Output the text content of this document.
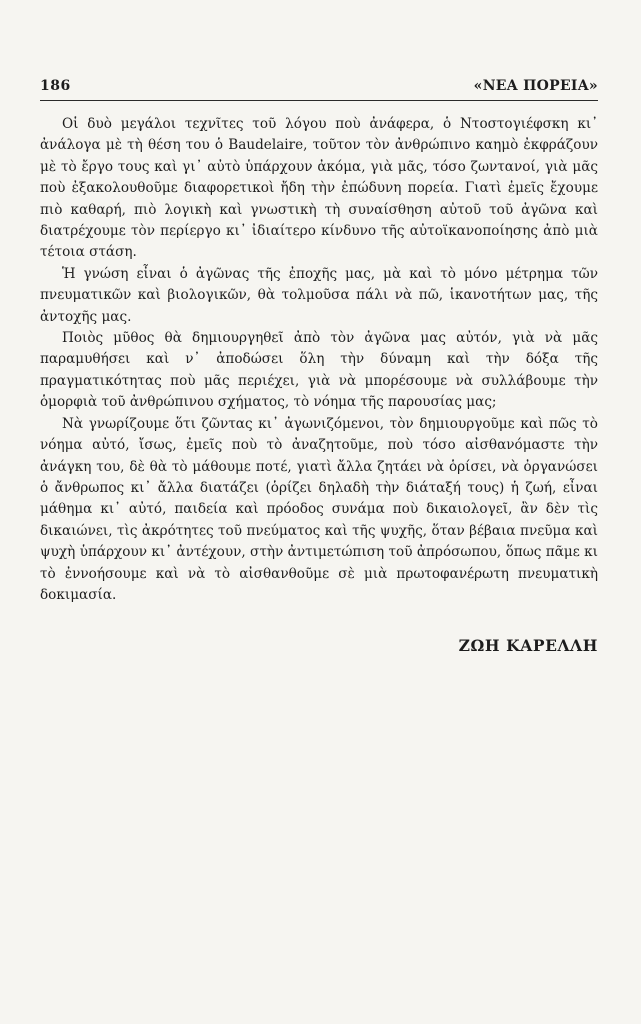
186	«ΝΕΑ ΠΟΡΕΙΑ»

Οἱ δυὸ μεγάλοι τεχνῖτες τοῦ λόγου ποὺ ἀνάφερα, ὁ Ντοστογιέφσκη κι᾽ ἀνάλογα μὲ τὴ θέση του ὁ Baudelaire, τοῦτον τὸν ἀνθρώπινο καημὸ ἐκφράζουν μὲ τὸ ἔργο τους καὶ γι᾽ αὐτὸ ὑπάρχουν ἀκόμα, γιὰ μᾶς, τόσο ζωντανοί, γιὰ μᾶς ποὺ ἐξακολουθοῦμε διαφορετικοὶ ἤδη τὴν ἐπώδυνη πορεία. Γιατὶ ἐμεῖς ἔχουμε πιὸ καθαρή, πιὸ λογικὴ καὶ γνωστικὴ τὴ συναίσθηση αὐτοῦ τοῦ ἀγῶνα καὶ διατρέχουμε τὸν περίεργο κι᾽ ἰδιαίτερο κίνδυνο τῆς αὐτοϊκανοποίησης ἀπὸ μιὰ τέτοια στάση.

Ἡ γνώση εἶναι ὁ ἀγῶνας τῆς ἐποχῆς μας, μὰ καὶ τὸ μόνο μέτρημα τῶν πνευματικῶν καὶ βιολογικῶν, θὰ τολμοῦσα πάλι νὰ πῶ, ἱκανοτήτων μας, τῆς ἀντοχῆς μας.

Ποιὸς μῦθος θὰ δημιουργηθεῖ ἀπὸ τὸν ἀγῶνα μας αὐτόν, γιὰ νὰ μᾶς παραμυθήσει καὶ ν᾽ ἀποδώσει ὅλη τὴν δύναμη καὶ τὴν δόξα τῆς πραγματικότητας ποὺ μᾶς περιέχει, γιὰ νὰ μπορέσουμε νὰ συλλάβουμε τὴν ὁμορφιὰ τοῦ ἀνθρώπινου σχήματος, τὸ νόημα τῆς παρουσίας μας;

Νὰ γνωρίζουμε ὅτι ζῶντας κι᾽ ἀγωνιζόμενοι, τὸν δημιουργοῦμε καὶ πῶς τὸ νόημα αὐτό, ἴσως, ἐμεῖς ποὺ τὸ ἀναζητοῦμε, ποὺ τόσο αἰσθανόμαστε τὴν ἀνάγκη του, δὲ θὰ τὸ μάθουμε ποτέ, γιατὶ ἄλλα ζητάει νὰ ὁρίσει, νὰ ὀργανώσει ὁ ἄνθρωπος κι᾽ ἄλλα διατάζει (ὁρίζει δηλαδὴ τὴν διάταξή τους) ἡ ζωή, εἶναι μάθημα κι᾽ αὐτό, παιδεία καὶ πρόοδος συνάμα ποὺ δικαιολογεῖ, ἂν δὲν τὶς δικαιώνει, τὶς ἀκρότητες τοῦ πνεύματος καὶ τῆς ψυχῆς, ὅταν βέβαια πνεῦμα καὶ ψυχὴ ὑπάρχουν κι᾽ ἀντέχουν, στὴν ἀντιμετώπιση τοῦ ἀπρόσωπου, ὅπως πᾶμε κι τὸ ἐννοήσουμε καὶ νὰ τὸ αἰσθανθοῦμε σὲ μιὰ πρωτοφανέρωτη πνευματικὴ δοκιμασία.

ΖΩΗ ΚΑΡΕΛΛΗ
